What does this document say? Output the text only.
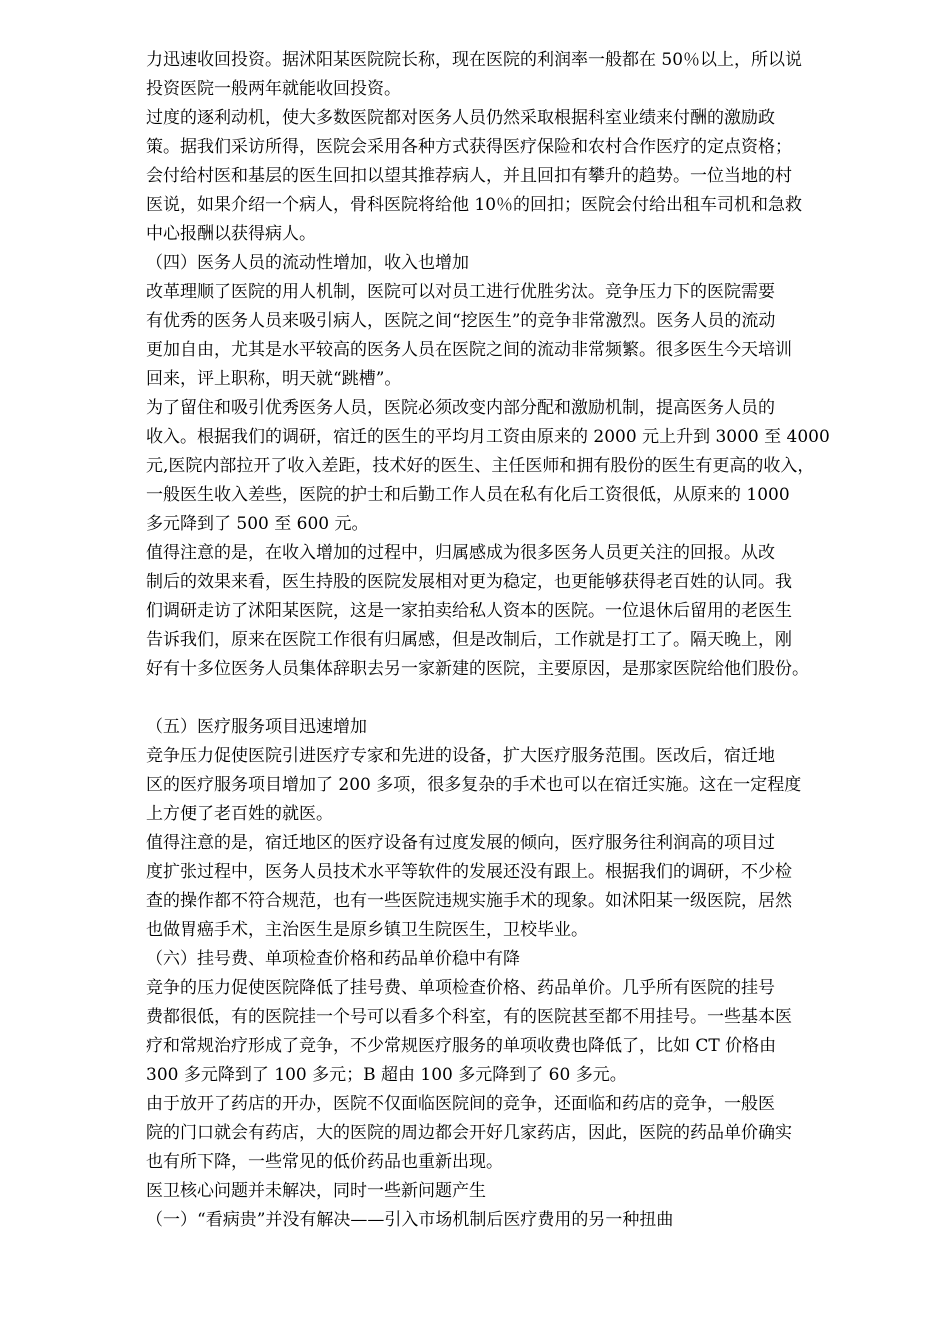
力迅速收回投资。据沭阳某医院院长称，现在医院的利润率一般都在 50％以上，所以说
投资医院一般两年就能收回投资。
过度的逐利动机，使大多数医院都对医务人员仍然采取根据科室业绩来付酬的激励政
策。据我们采访所得，医院会采用各种方式获得医疗保险和农村合作医疗的定点资格；
会付给村医和基层的医生回扣以望其推荐病人，并且回扣有攀升的趋势。一位当地的村
医说，如果介绍一个病人，骨科医院将给他 10％的回扣；医院会付给出租车司机和急救
中心报酬以获得病人。
（四）医务人员的流动性增加，收入也增加
改革理顺了医院的用人机制，医院可以对员工进行优胜劣汰。竞争压力下的医院需要
有优秀的医务人员来吸引病人，医院之间“挖医生”的竞争非常激烈。医务人员的流动
更加自由，尤其是水平较高的医务人员在医院之间的流动非常频繁。很多医生今天培训
回来，评上职称，明天就“跳槽”。
为了留住和吸引优秀医务人员，医院必须改变内部分配和激励机制，提高医务人员的
收入。根据我们的调研，宿迁的医生的平均月工资由原来的 2000 元上升到 3000 至 4000
元,医院内部拉开了收入差距，技术好的医生、主任医师和拥有股份的医生有更高的收入，
一般医生收入差些，医院的护士和后勤工作人员在私有化后工资很低，从原来的 1000
多元降到了 500 至 600 元。
值得注意的是，在收入增加的过程中，归属感成为很多医务人员更关注的回报。从改
制后的效果来看，医生持股的医院发展相对更为稳定，也更能够获得老百姓的认同。我
们调研走访了沭阳某医院，这是一家拍卖给私人资本的医院。一位退休后留用的老医生
告诉我们，原来在医院工作很有归属感，但是改制后，工作就是打工了。隔天晚上，刚
好有十多位医务人员集体辞职去另一家新建的医院，主要原因，是那家医院给他们股份。
（五）医疗服务项目迅速增加
竞争压力促使医院引进医疗专家和先进的设备，扩大医疗服务范围。医改后，宿迁地
区的医疗服务项目增加了 200 多项，很多复杂的手术也可以在宿迁实施。这在一定程度
上方便了老百姓的就医。
值得注意的是，宿迁地区的医疗设备有过度发展的倾向，医疗服务往利润高的项目过
度扩张过程中，医务人员技术水平等软件的发展还没有跟上。根据我们的调研，不少检
查的操作都不符合规范，也有一些医院违规实施手术的现象。如沭阳某一级医院，居然
也做胃癌手术，主治医生是原乡镇卫生院医生，卫校毕业。
（六）挂号费、单项检查价格和药品单价稳中有降
竞争的压力促使医院降低了挂号费、单项检查价格、药品单价。几乎所有医院的挂号
费都很低，有的医院挂一个号可以看多个科室，有的医院甚至都不用挂号。一些基本医
疗和常规治疗形成了竞争，不少常规医疗服务的单项收费也降低了，比如 CT 价格由
300 多元降到了 100 多元；B 超由 100 多元降到了 60 多元。
由于放开了药店的开办，医院不仅面临医院间的竞争，还面临和药店的竞争，一般医
院的门口就会有药店，大的医院的周边都会开好几家药店，因此，医院的药品单价确实
也有所下降，一些常见的低价药品也重新出现。
医卫核心问题并未解决，同时一些新问题产生
（一）“看病贵”并没有解决——引入市场机制后医疗费用的另一种扭曲
